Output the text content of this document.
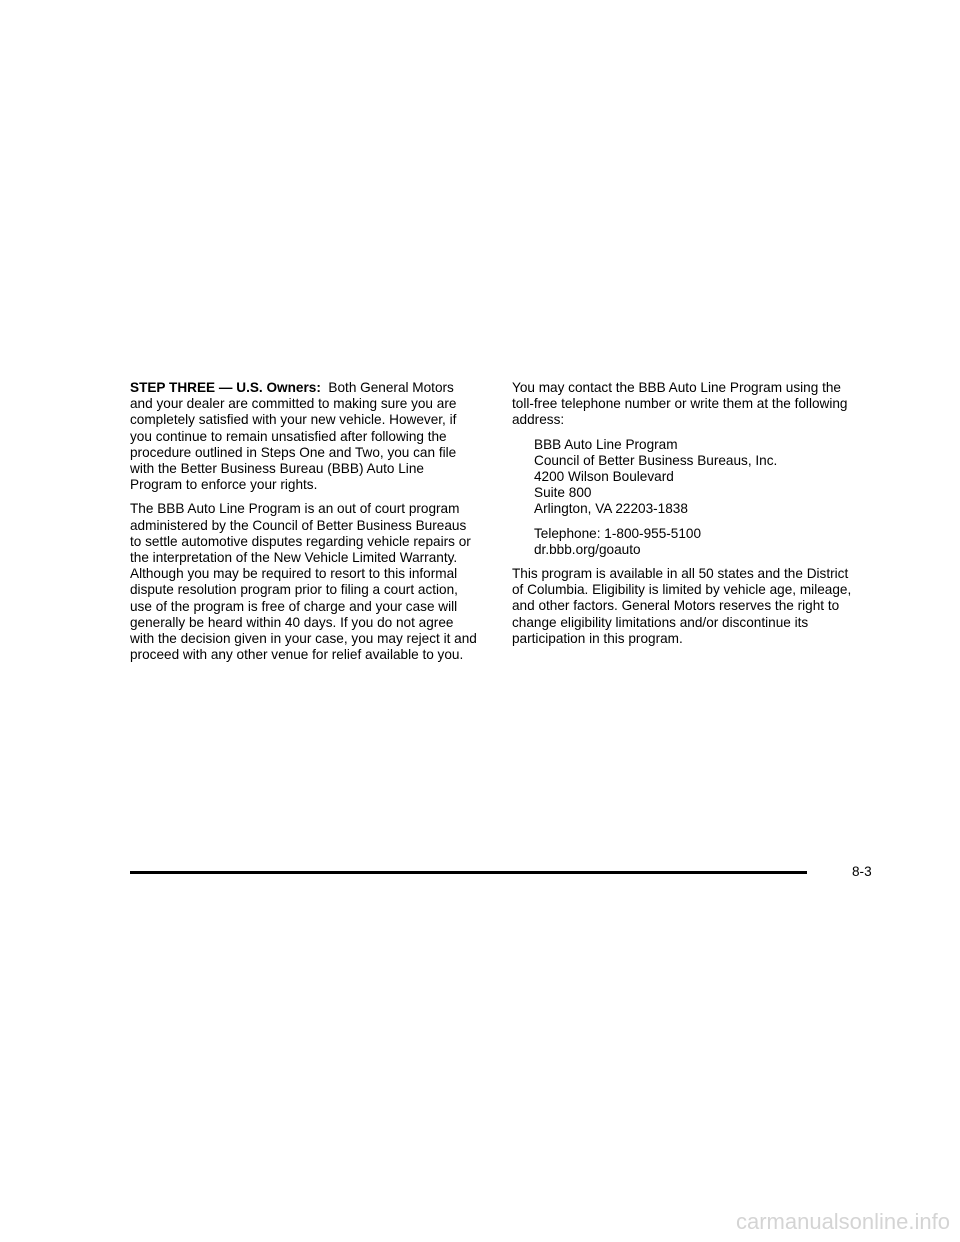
STEP THREE — U.S. Owners: Both General Motors
and your dealer are committed to making sure you are
completely satisfied with your new vehicle. However, if
you continue to remain unsatisfied after following the
procedure outlined in Steps One and Two, you can file
with the Better Business Bureau (BBB) Auto Line
Program to enforce your rights.

The BBB Auto Line Program is an out of court program
administered by the Council of Better Business Bureaus
to settle automotive disputes regarding vehicle repairs or
the interpretation of the New Vehicle Limited Warranty.
Although you may be required to resort to this informal
dispute resolution program prior to filing a court action,
use of the program is free of charge and your case will
generally be heard within 40 days. If you do not agree
with the decision given in your case, you may reject it and
proceed with any other venue for relief available to you.

You may contact the BBB Auto Line Program using the
toll-free telephone number or write them at the following
address:

BBB Auto Line Program
Council of Better Business Bureaus, Inc.
4200 Wilson Boulevard
Suite 800
Arlington, VA 22203-1838
Telephone: 1-800-955-5100
dr.bbb.org/goauto

This program is available in all 50 states and the District
of Columbia. Eligibility is limited by vehicle age, mileage,
and other factors. General Motors reserves the right to
change eligibility limitations and/or discontinue its
participation in this program.

8-3
carmanualsonline.info
